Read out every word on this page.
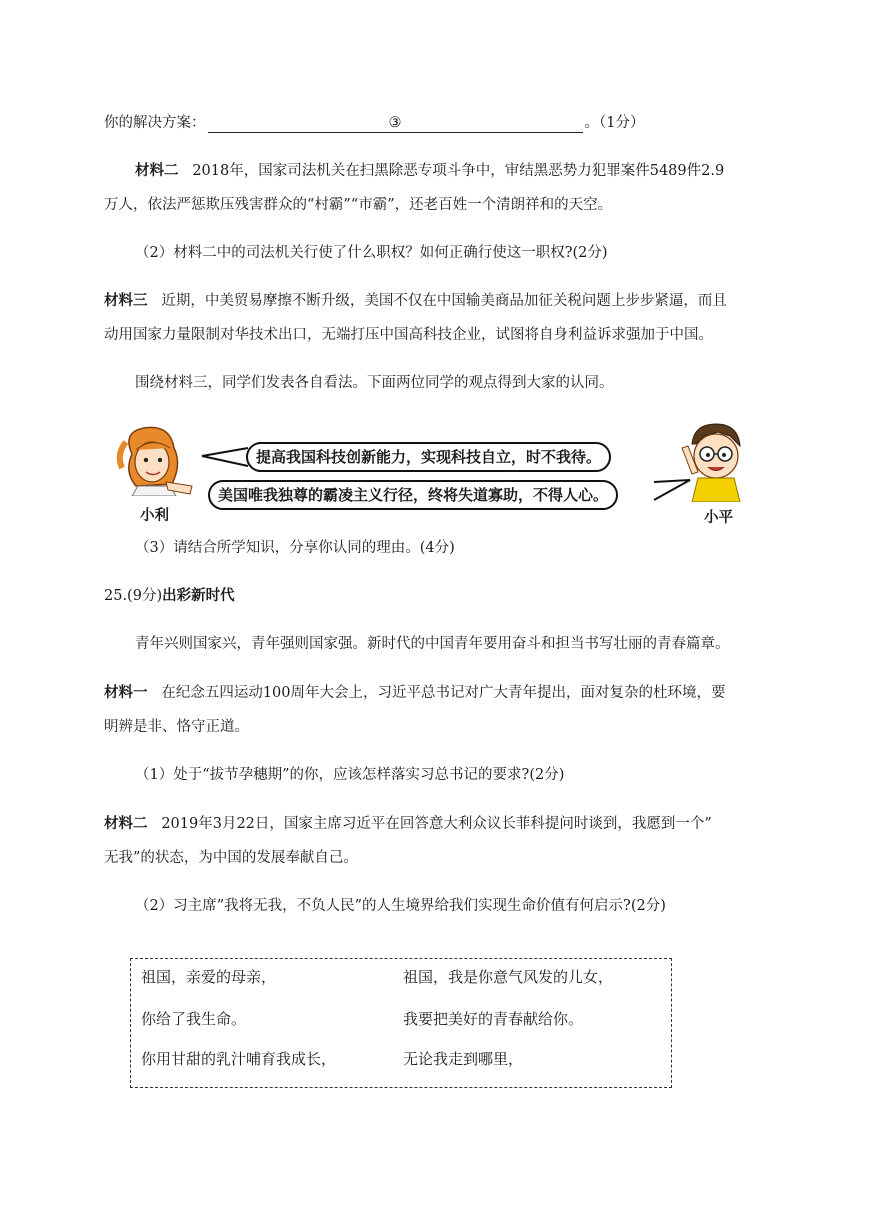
你的解决方案：	③	。（1分）
材料二 2018年，国家司法机关在扫黑除恶专项斗争中，审结黑恶势力犯罪案件5489件2.9
万人，依法严惩欺压残害群众的“村霸”“市霸”，还老百姓一个清朗祥和的天空。
（2）材料二中的司法机关行使了什么职权？如何正确行使这一职权?(2分)
材料三 近期，中美贸易摩擦不断升级，美国不仅在中国输美商品加征关税问题上步步紧逼，而且
动用国家力量限制对华技术出口，无端打压中国高科技企业，试图将自身利益诉求强加于中国。
围绕材料三，同学们发表各自看法。下面两位同学的观点得到大家的认同。
小利
提高我国科技创新能力，实现科技自立，时不我待。
美国唯我独尊的霸凌主义行径，终将失道寡助，不得人心。
小平
（3）请结合所学知识，分享你认同的理由。(4分)
25.(9分)出彩新时代
青年兴则国家兴，青年强则国家强。新时代的中国青年要用奋斗和担当书写壮丽的青春篇章。
材料一 在纪念五四运动100周年大会上，习近平总书记对广大青年提出，面对复杂的杜环境，要
明辨是非、恪守正道。
（1）处于“拔节孕穗期”的你，应该怎样落实习总书记的要求?(2分)
材料二 2019年3月22日，国家主席习近平在回答意大利众议长菲科提问时谈到，我愿到一个”
无我”的状态，为中国的发展奉献自己。
（2）习主席”我将无我，不负人民”的人生境界给我们实现生命价值有何启示?(2分)
祖国，亲爱的母亲，
你给了我生命。
你用甘甜的乳汁哺育我成长，
祖国，我是你意气风发的儿女，
我要把美好的青春献给你。
无论我走到哪里，
